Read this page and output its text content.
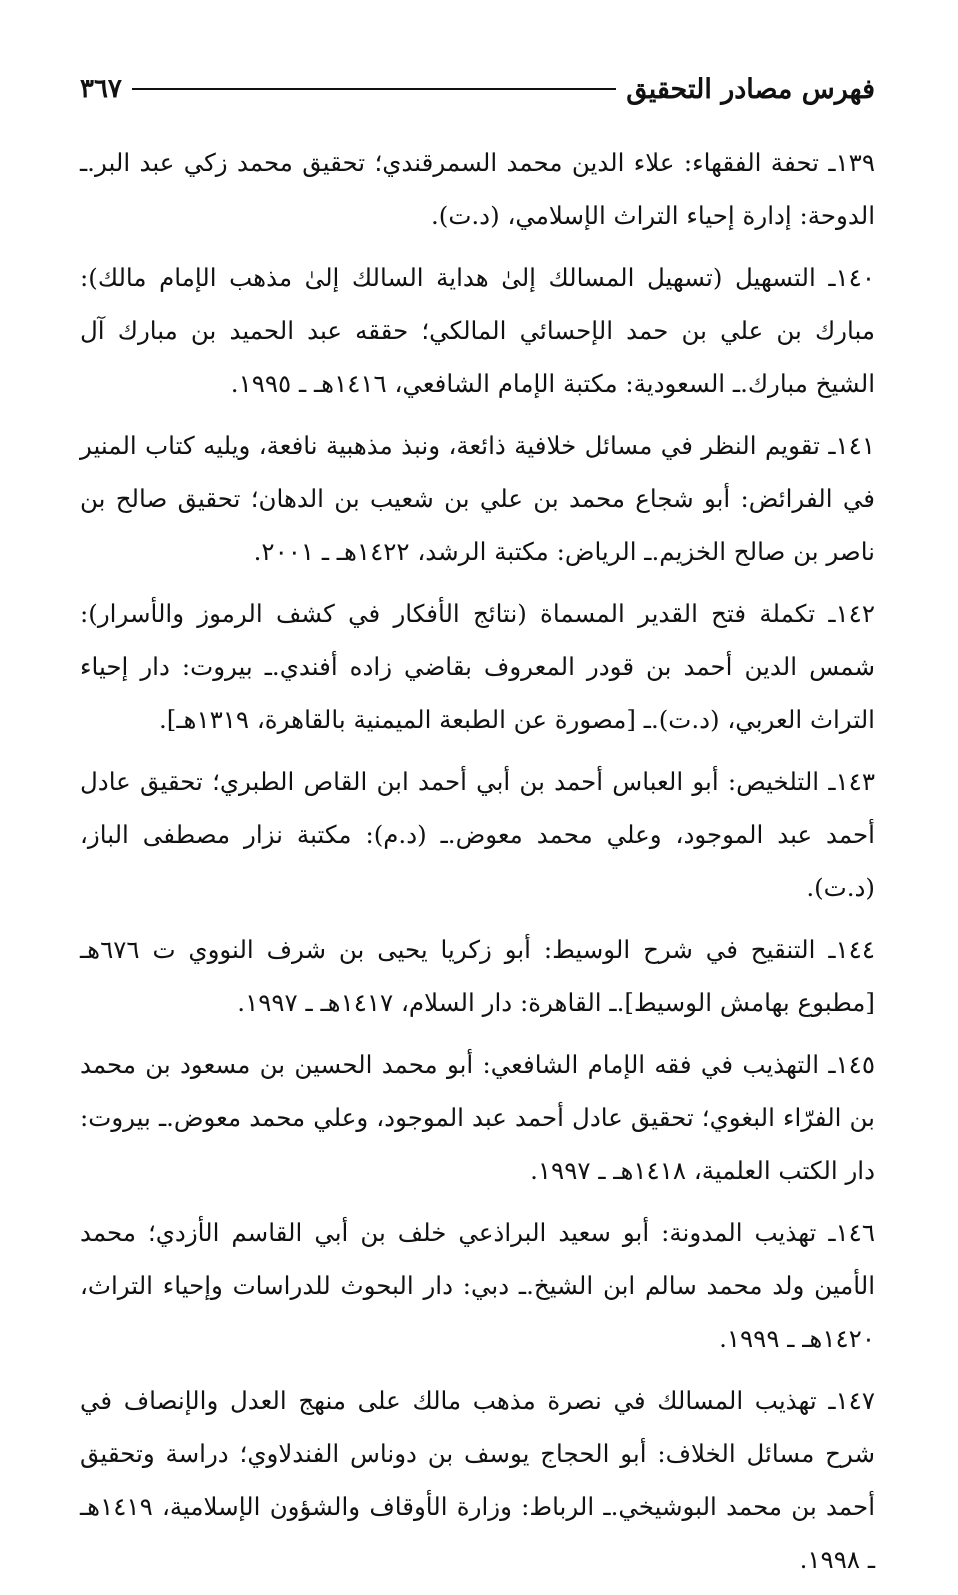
فهرس مصادر التحقيق
٣٦٧

١٣٩ـ تحفة الفقهاء: علاء الدين محمد السمرقندي؛ تحقيق محمد زكي عبد البر.ـ الدوحة: إدارة إحياء التراث الإسلامي، (د.ت).

١٤٠ـ التسهيل (تسهيل المسالك إلىٰ هداية السالك إلىٰ مذهب الإمام مالك): مبارك بن علي بن حمد الإحسائي المالكي؛ حققه عبد الحميد بن مبارك آل الشيخ مبارك.ـ السعودية: مكتبة الإمام الشافعي، ١٤١٦هـ ـ ١٩٩٥.

١٤١ـ تقويم النظر في مسائل خلافية ذائعة، ونبذ مذهبية نافعة، ويليه كتاب المنير في الفرائض: أبو شجاع محمد بن علي بن شعيب بن الدهان؛ تحقيق صالح بن ناصر بن صالح الخزيم.ـ الرياض: مكتبة الرشد، ١٤٢٢هـ ـ ٢٠٠١.

١٤٢ـ تكملة فتح القدير المسماة (نتائج الأفكار في كشف الرموز والأسرار): شمس الدين أحمد بن قودر المعروف بقاضي زاده أفندي.ـ بيروت: دار إحياء التراث العربي، (د.ت).ـ [مصورة عن الطبعة الميمنية بالقاهرة، ١٣١٩هـ].

١٤٣ـ التلخيص: أبو العباس أحمد بن أبي أحمد ابن القاص الطبري؛ تحقيق عادل أحمد عبد الموجود، وعلي محمد معوض.ـ (د.م): مكتبة نزار مصطفى الباز، (د.ت).

١٤٤ـ التنقيح في شرح الوسيط: أبو زكريا يحيى بن شرف النووي ت ٦٧٦هـ [مطبوع بهامش الوسيط].ـ القاهرة: دار السلام، ١٤١٧هـ ـ ١٩٩٧.

١٤٥ـ التهذيب في فقه الإمام الشافعي: أبو محمد الحسين بن مسعود بن محمد بن الفرّاء البغوي؛ تحقيق عادل أحمد عبد الموجود، وعلي محمد معوض.ـ بيروت: دار الكتب العلمية، ١٤١٨هـ ـ ١٩٩٧.

١٤٦ـ تهذيب المدونة: أبو سعيد البراذعي خلف بن أبي القاسم الأزدي؛ محمد الأمين ولد محمد سالم ابن الشيخ.ـ دبي: دار البحوث للدراسات وإحياء التراث، ١٤٢٠هـ ـ ١٩٩٩.

١٤٧ـ تهذيب المسالك في نصرة مذهب مالك على منهج العدل والإنصاف في شرح مسائل الخلاف: أبو الحجاج يوسف بن دوناس الفندلاوي؛ دراسة وتحقيق أحمد بن محمد البوشيخي.ـ الرباط: وزارة الأوقاف والشؤون الإسلامية، ١٤١٩هـ ـ ١٩٩٨.
